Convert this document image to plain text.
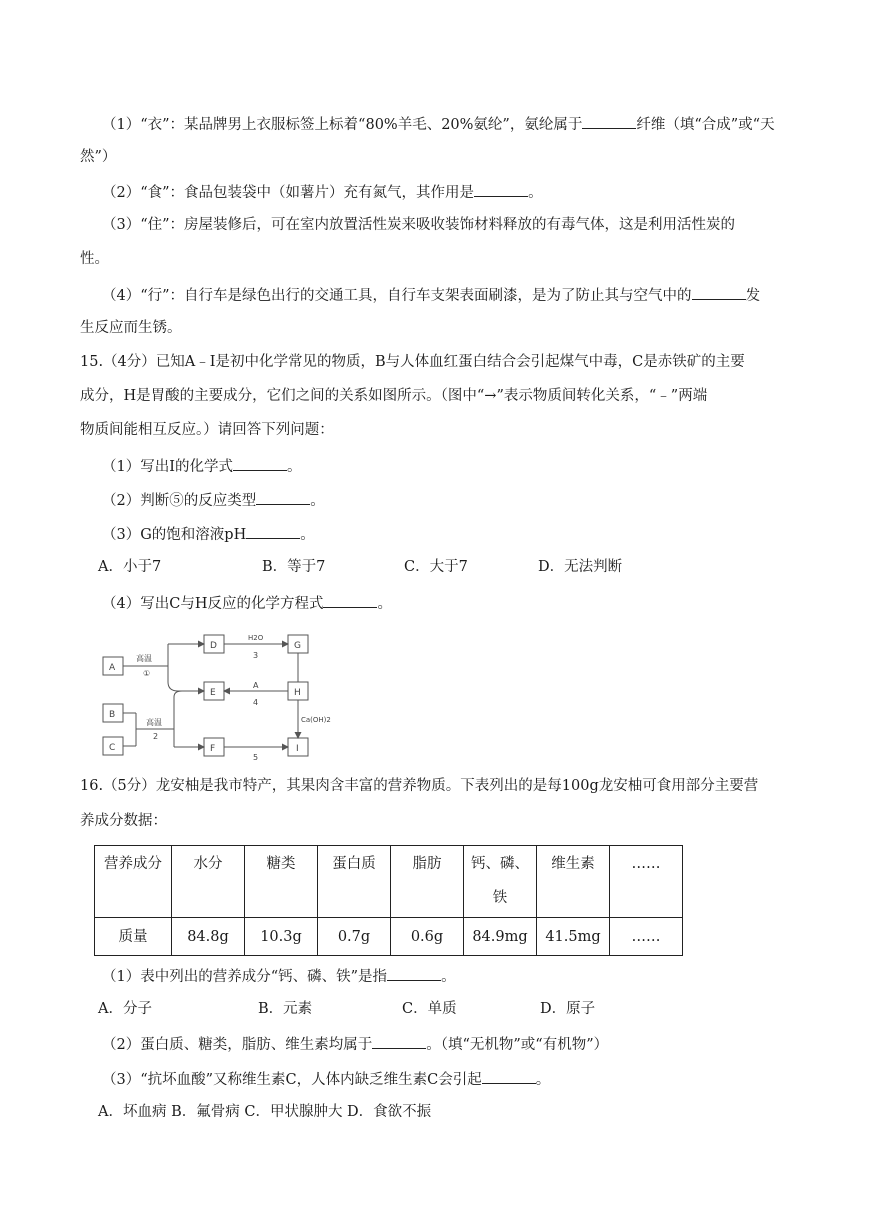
（1）“衣”：某品牌男上衣服标签上标着“80%羊毛、20%氨纶”，氨纶属于	纤维（填“合成”或“天
然”）
（2）“食”：食品包装袋中（如薯片）充有氮气，其作用是	。
（3）“住”：房屋装修后，可在室内放置活性炭来吸收装饰材料释放的有毒气体，这是利用活性炭的
性。
（4）“行”：自行车是绿色出行的交通工具，自行车支架表面刷漆，是为了防止其与空气中的	发
生反应而生锈。
15.（4分）已知A﹣I是初中化学常见的物质，B与人体血红蛋白结合会引起煤气中毒，C是赤铁矿的主要
成分，H是胃酸的主要成分，它们之间的关系如图所示。（图中“→”表示物质间转化关系，“﹣”两端
物质间能相互反应。）请回答下列问题：
（1）写出I的化学式	。
（2）判断⑤的反应类型	。
（3）G的饱和溶液pH	。
A．小于7	B．等于7	C．大于7	D．无法判断
（4）写出C与H反应的化学方程式	。
A
B
C
D
E
F
G
H
I
高温
①
高温
2
H2O
3
A
4
Ca(OH)2
5
16.（5分）龙安柚是我市特产，其果肉含丰富的营养物质。下表列出的是每100g龙安柚可食用部分主要营
养成分数据：
营养成分	水分	糖类	蛋白质	脂肪	钙、磷、
铁	维生素	……
质量	84.8g	10.3g	0.7g	0.6g	84.9mg	41.5mg	……
（1）表中列出的营养成分“钙、磷、铁”是指	。
A．分子	B．元素	C．单质	D．原子
（2）蛋白质、糖类，脂肪、维生素均属于	。（填“无机物”或“有机物”）
（3）“抗坏血酸”又称维生素C，人体内缺乏维生素C会引起	。
A．坏血病 B．氟骨病 C．甲状腺肿大 D．食欲不振
